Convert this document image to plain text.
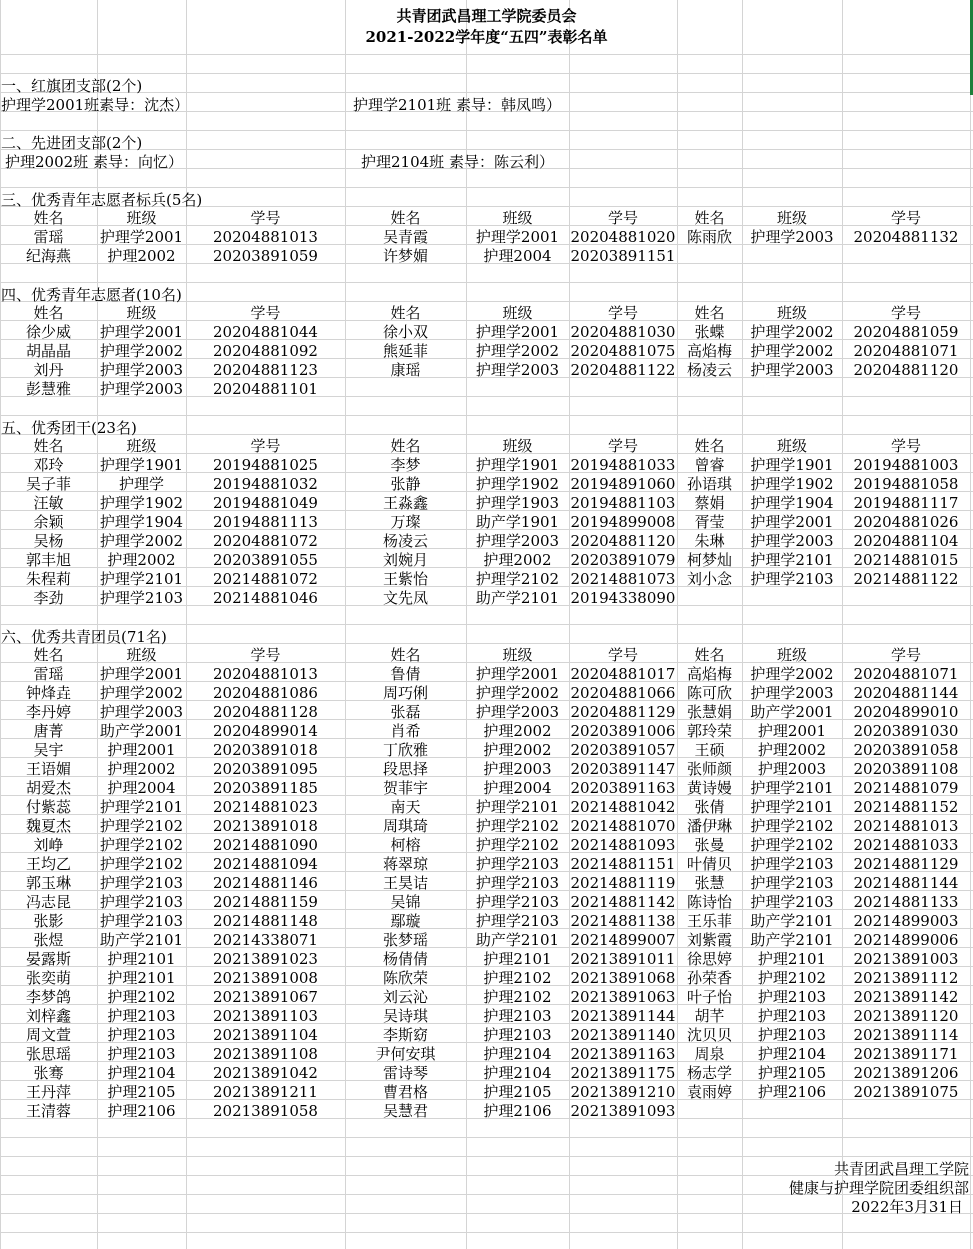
共青团武昌理工学院委员会
2021-2022学年度“五四”表彰名单
一、红旗团支部(2个)
护理学2001班素导：沈杰）	护理学2101班 素导：韩凤鸣）
二、先进团支部(2个)
护理2002班 素导：向忆）	护理2104班 素导：陈云利）
三、优秀青年志愿者标兵(5名)
四、优秀青年志愿者(10名)
五、优秀团干(23名)
六、优秀共青团员(71名)
姓名	班级	学号	姓名	班级	学号	姓名	班级	学号
雷瑶	护理学2001	20204881013	吴青霞	护理学2001 20204881020 陈雨欣	护理学2003	20204881132
纪海燕	护理2002	20203891059	许梦媚	护理2004	20203891151
姓名	班级	学号	姓名	班级	学号	姓名	班级	学号
徐少威	护理学2001	20204881044	徐小双	护理学2001 20204881030	张蝶	护理学2002	20204881059
胡晶晶	护理学2002	20204881092	熊延菲	护理学2002 20204881075 高焰梅	护理学2002	20204881071
刘丹	护理学2003	20204881123	康瑶	护理学2003 20204881122 杨凌云	护理学2003	20204881120
彭慧雅	护理学2003	20204881101
姓名	班级	学号	姓名	班级	学号	姓名	班级	学号
邓玲	护理学1901	20194881025	李梦	护理学1901 20194881033	曾睿	护理学1901	20194881003
吴子菲	护理学	20194881032	张静	护理学1902 20194891060 孙语琪	护理学1902	20194881058
汪敏	护理学1902	20194881049	王淼鑫	护理学1903 20194881103	蔡娟	护理学1904	20194881117
余颖	护理学1904	20194881113	万璨	助产学1901 20194899008	胥莹	护理学2001	20204881026
吴杨	护理学2002	20204881072	杨凌云	护理学2003 20204881120	朱琳	护理学2003	20204881104
郭丰旭	护理2002	20203891055	刘婉月	护理2002	20203891079 柯梦灿	护理学2101	20214881015
朱程莉	护理学2101	20214881072	王紫怡	护理学2102 20214881073 刘小念	护理学2103	20214881122
李劲	护理学2103	20214881046	文先凤	助产学2101 20194338090
姓名	班级	学号	姓名	班级	学号	姓名	班级	学号
雷瑶	护理学2001	20204881013	鲁倩	护理学2001 20204881017 高焰梅	护理学2002	20204881071
钟烽垚	护理学2002	20204881086	周巧俐	护理学2002 20204881066 陈可欣	护理学2003	20204881144
李丹婷	护理学2003	20204881128	张磊	护理学2003 20204881129 张慧娟	助产学2001	20204899010
唐菁	助产学2001	20204899014	肖希	护理2002	20203891006 郭玲荣	护理2001	20203891030
吴宇	护理2001	20203891018	丁欣雅	护理2002	20203891057	王硕	护理2002	20203891058
王语媚	护理2002	20203891095	段思择	护理2003	20203891147 张师颜	护理2003	20203891108
胡爱杰	护理2004	20203891185	贺菲宇	护理2004	20203891163 黄诗嫚	护理学2101	20214881079
付紫蕊	护理学2101	20214881023	南天	护理学2101 20214881042	张倩	护理学2101	20214881152
魏夏杰	护理学2102	20213891018	周琪琦	护理学2102 20214881070 潘伊琳	护理学2102	20214881013
刘峥	护理学2102	20214881090	柯榕	护理学2102 20214881093	张曼	护理学2102	20214881033
王均乙	护理学2102	20214881094	蒋翠琼	护理学2103 20214881151 叶倩贝	护理学2103	20214881129
郭玉琳	护理学2103	20214881146	王昊诘	护理学2103 20214881119	张慧	护理学2103	20214881144
冯志昆	护理学2103	20214881159	吴锦	护理学2103 20214881142 陈诗怡	护理学2103	20214881133
张影	护理学2103	20214881148	鄢璇	护理学2103 20214881138 王乐菲	助产学2101	20214899003
张煜	助产学2101	20214338071	张梦瑶	助产学2101 20214899007 刘紫霞	助产学2101	20214899006
晏露斯	护理2101	20213891023	杨倩倩	护理2101	20213891011 徐思婷	护理2101	20213891003
张奕萌	护理2101	20213891008	陈欣荣	护理2102	20213891068 孙荣香	护理2102	20213891112
李梦鸽	护理2102	20213891067	刘云沁	护理2102	20213891063 叶子怡	护理2103	20213891142
刘梓鑫	护理2103	20213891103	吴诗琪	护理2103	20213891144	胡芊	护理2103	20213891120
周文萱	护理2103	20213891104	李斯窈	护理2103	20213891140 沈贝贝	护理2103	20213891114
张思瑶	护理2103	20213891108	尹何安琪	护理2104	20213891163	周泉	护理2104	20213891171
张骞	护理2104	20213891042	雷诗琴	护理2104	20213891175 杨志学	护理2105	20213891206
王丹萍	护理2105	20213891211	曹君格	护理2105	20213891210 袁雨婷	护理2106	20213891075
王清蓉	护理2106	20213891058	吴慧君	护理2106	20213891093
共青团武昌理工学院
健康与护理学院团委组织部
2022年3月31日
